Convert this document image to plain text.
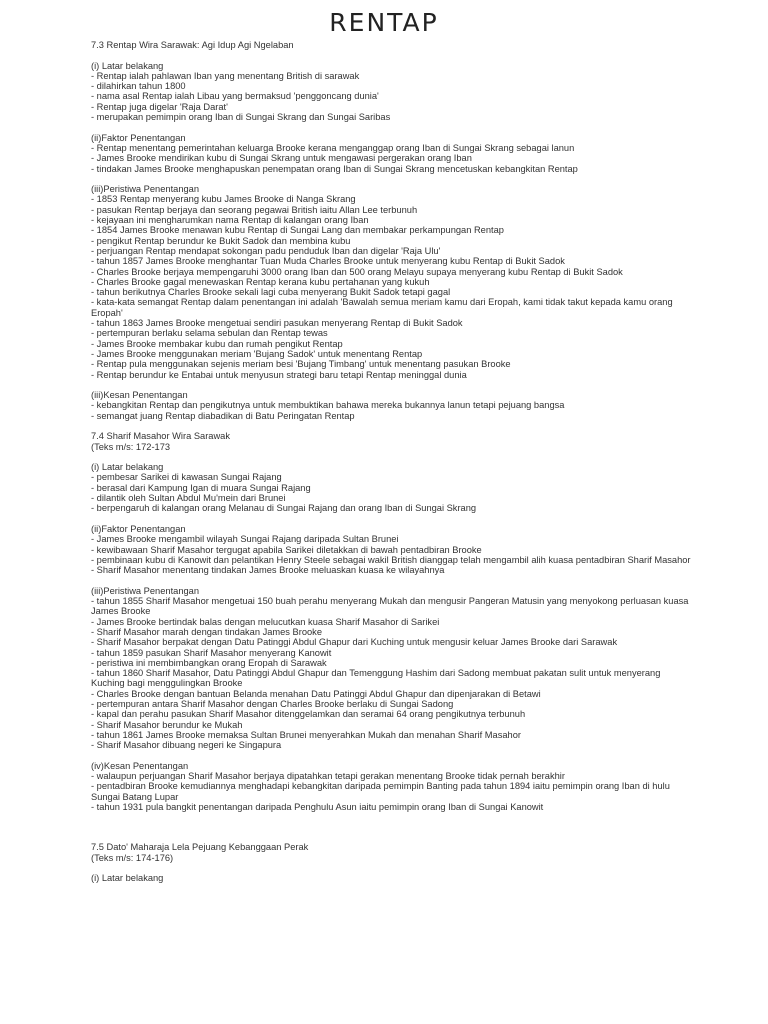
RENTAP
7.3 Rentap Wira Sarawak: Agi Idup Agi Ngelaban
(i) Latar belakang
- Rentap ialah pahlawan Iban yang menentang British di sarawak
- dilahirkan tahun 1800
- nama asal Rentap ialah Libau yang bermaksud 'penggoncang dunia'
- Rentap juga digelar 'Raja Darat'
- merupakan pemimpin orang Iban di Sungai Skrang dan Sungai Saribas
(ii)Faktor Penentangan
- Rentap menentang pemerintahan keluarga Brooke kerana menganggap orang Iban di Sungai Skrang sebagai lanun
- James Brooke mendirikan kubu di Sungai Skrang untuk mengawasi pergerakan orang Iban
- tindakan James Brooke menghapuskan penempatan orang Iban di Sungai Skrang mencetuskan kebangkitan Rentap
(iii)Peristiwa Penentangan
- 1853 Rentap menyerang kubu James Brooke di Nanga Skrang
- pasukan Rentap berjaya dan seorang pegawai British iaitu Allan Lee terbunuh
- kejayaan ini mengharumkan nama Rentap di kalangan orang Iban
- 1854 James Brooke menawan kubu Rentap di Sungai Lang dan membakar perkampungan Rentap
- pengikut Rentap berundur ke Bukit Sadok dan membina kubu
- perjuangan Rentap mendapat sokongan padu penduduk Iban dan digelar 'Raja Ulu'
- tahun 1857 James Brooke menghantar Tuan Muda Charles Brooke untuk menyerang kubu Rentap di Bukit Sadok
- Charles Brooke berjaya mempengaruhi 3000 orang Iban dan 500 orang Melayu supaya menyerang kubu Rentap di Bukit Sadok
- Charles Brooke gagal menewaskan Rentap kerana kubu pertahanan yang kukuh
- tahun berikutnya Charles Brooke sekali lagi cuba menyerang Bukit Sadok tetapi gagal
- kata-kata semangat Rentap dalam penentangan ini adalah 'Bawalah semua meriam kamu dari Eropah, kami tidak takut kepada kamu orang Eropah'
- tahun 1863 James Brooke mengetuai sendiri pasukan menyerang Rentap di Bukit Sadok
- pertempuran berlaku selama sebulan dan Rentap tewas
- James Brooke membakar kubu dan rumah pengikut Rentap
- James Brooke menggunakan meriam 'Bujang Sadok' untuk menentang Rentap
- Rentap pula menggunakan sejenis meriam besi 'Bujang Timbang' untuk menentang pasukan Brooke
- Rentap berundur ke Entabai untuk menyusun strategi baru tetapi Rentap meninggal dunia
(iii)Kesan Penentangan
- kebangkitan Rentap dan pengikutnya untuk membuktikan bahawa mereka bukannya lanun tetapi pejuang bangsa
- semangat juang Rentap diabadikan di Batu Peringatan Rentap
7.4 Sharif Masahor Wira Sarawak
(Teks m/s: 172-173
(i) Latar belakang
- pembesar Sarikei di kawasan Sungai Rajang
- berasal dari Kampung Igan di muara Sungai Rajang
- dilantik oleh Sultan Abdul Mu'mein dari Brunei
- berpengaruh di kalangan orang Melanau di Sungai Rajang dan orang Iban di Sungai Skrang
(ii)Faktor Penentangan
- James Brooke mengambil wilayah Sungai Rajang daripada Sultan Brunei
- kewibawaan Sharif Masahor tergugat apabila Sarikei diletakkan di bawah pentadbiran Brooke
- pembinaan kubu di Kanowit dan pelantikan Henry Steele sebagai wakil British dianggap telah mengambil alih kuasa pentadbiran Sharif Masahor
- Sharif Masahor menentang tindakan James Brooke meluaskan kuasa ke wilayahnya
(iii)Peristiwa Penentangan
- tahun 1855 Sharif Masahor mengetuai 150 buah perahu menyerang Mukah dan mengusir Pangeran Matusin yang menyokong perluasan kuasa James Brooke
- James Brooke bertindak balas dengan melucutkan kuasa Sharif Masahor di Sarikei
- Sharif Masahor marah dengan tindakan James Brooke
- Sharif Masahor berpakat dengan Datu Patinggi Abdul Ghapur dari Kuching untuk mengusir keluar James Brooke dari Sarawak
- tahun 1859 pasukan Sharif Masahor menyerang Kanowit
- peristiwa ini membimbangkan orang Eropah di Sarawak
- tahun 1860 Sharif Masahor, Datu Patinggi Abdul Ghapur dan Temenggung Hashim dari Sadong membuat pakatan sulit untuk menyerang Kuching bagi menggulingkan Brooke
- Charles Brooke dengan bantuan Belanda menahan Datu Patinggi Abdul Ghapur dan dipenjarakan di Betawi
- pertempuran antara Sharif Masahor dengan Charles Brooke berlaku di Sungai Sadong
- kapal dan perahu pasukan Sharif Masahor ditenggelamkan dan seramai 64 orang pengikutnya terbunuh
- Sharif Masahor berundur ke Mukah
- tahun 1861 James Brooke memaksa Sultan Brunei menyerahkan Mukah dan menahan Sharif Masahor
- Sharif Masahor dibuang negeri ke Singapura
(iv)Kesan Penentangan
- walaupun perjuangan Sharif Masahor berjaya dipatahkan tetapi gerakan menentang Brooke tidak pernah berakhir
- pentadbiran Brooke kemudiannya menghadapi kebangkitan daripada pemimpin Banting pada tahun 1894 iaitu pemimpin orang Iban di hulu Sungai Batang Lupar
- tahun 1931 pula bangkit penentangan daripada Penghulu Asun iaitu pemimpin orang Iban di Sungai Kanowit
7.5 Dato' Maharaja Lela Pejuang Kebanggaan Perak
(Teks m/s: 174-176)
(i) Latar belakang
